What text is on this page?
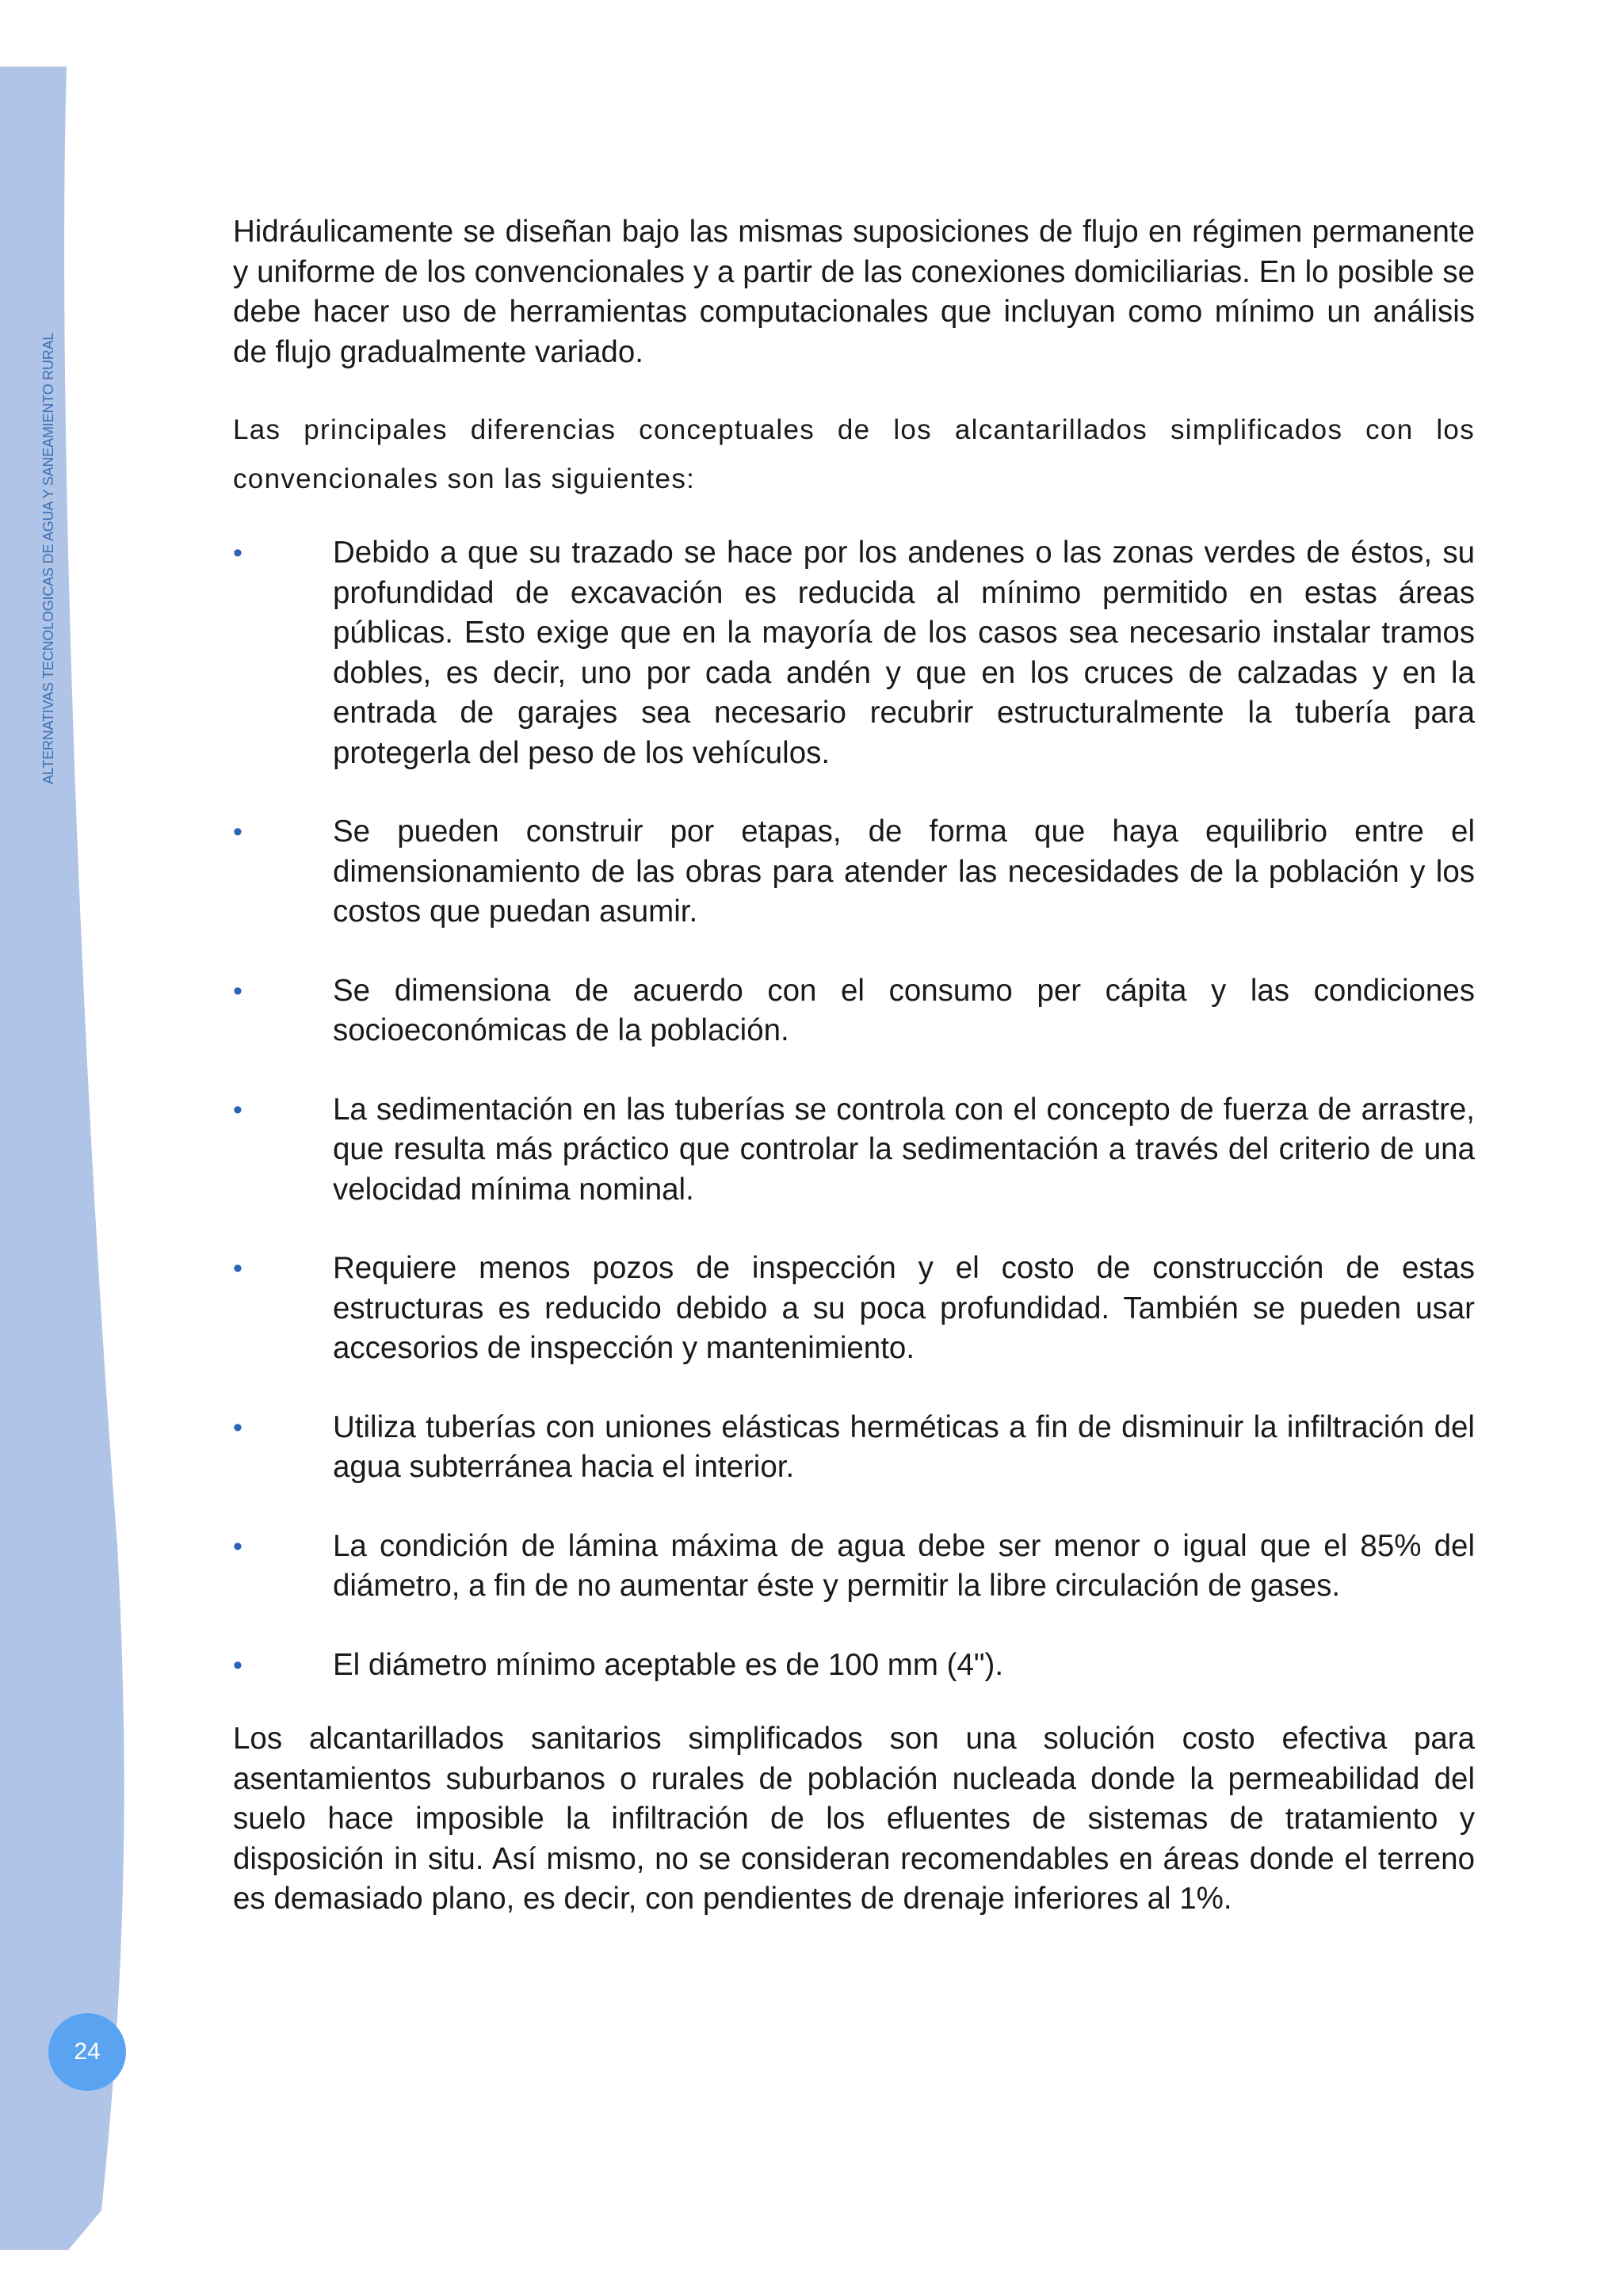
ALTERNATIVAS TECNOLOGICAS DE AGUA Y SANEAMIENTO RURAL
24

Hidráulicamente se diseñan bajo las mismas suposiciones de flujo en régimen permanente y uniforme de los convencionales y a partir de las conexiones domiciliarias. En lo posible se debe hacer uso de herramientas computacionales que incluyan como mínimo un análisis de flujo gradualmente variado.

Las principales diferencias conceptuales de los alcantarillados simplificados con los convencionales son las siguientes:

•	Debido a que su trazado se hace por los andenes o las zonas verdes de éstos, su profundidad de excavación es reducida al mínimo permitido en estas áreas públicas. Esto exige que en la mayoría de los casos sea necesario instalar tramos dobles, es decir, uno por cada andén y que en los cruces de calzadas y en la entrada de garajes sea necesario recubrir estructuralmente la tubería para protegerla del peso de los vehículos.
•	Se pueden construir por etapas, de forma que haya equilibrio entre el dimensionamiento de las obras para atender las necesidades de la población y los costos que puedan asumir.
•	Se dimensiona de acuerdo con el consumo per cápita y las condiciones socioeconómicas de la población.
•	La sedimentación en las tuberías se controla con el concepto de fuerza de arrastre, que resulta más práctico que controlar la sedimentación a través del criterio de una velocidad mínima nominal.
•	Requiere menos pozos de inspección y el costo de construcción de estas estructuras es reducido debido a su poca profundidad. También se pueden usar accesorios de inspección y mantenimiento.
•	Utiliza tuberías con uniones elásticas herméticas a fin de disminuir la infiltración del agua subterránea hacia el interior.
•	La condición de lámina máxima de agua debe ser menor o igual que el 85% del diámetro, a fin de no aumentar éste y permitir la libre circulación de gases.
•	El diámetro mínimo aceptable es de 100 mm (4").

Los alcantarillados sanitarios simplificados son una solución costo efectiva para asentamientos suburbanos o rurales de población nucleada donde la permeabilidad del suelo hace imposible la infiltración de los efluentes de sistemas de tratamiento y disposición in situ. Así mismo, no se consideran recomendables en áreas donde el terreno es demasiado plano, es decir, con pendientes de drenaje inferiores al 1%.
